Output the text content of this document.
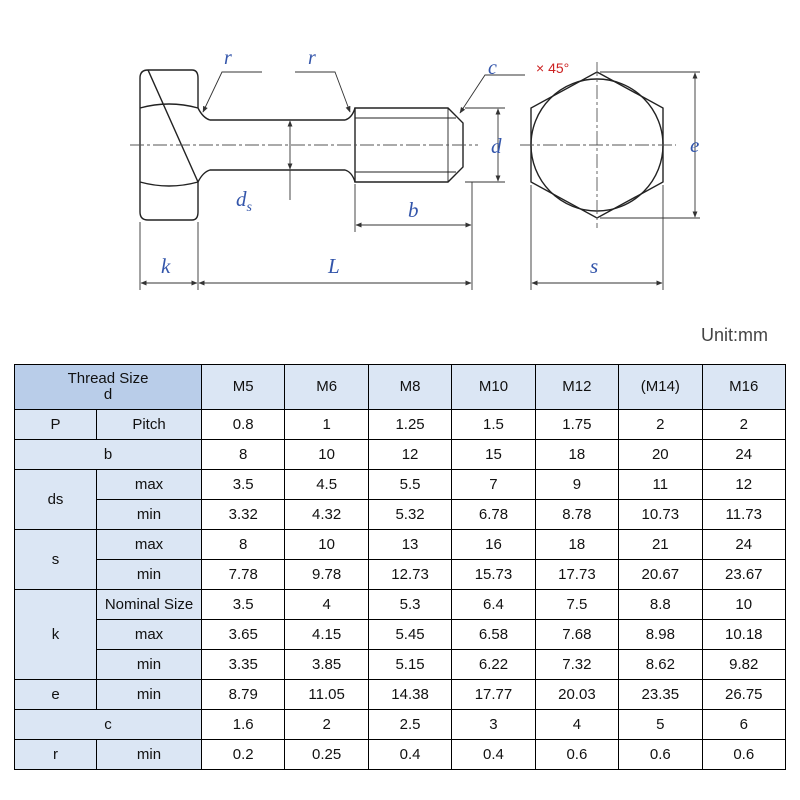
r	r	c	× 45°
d
$d_s$	b
k	L
e
s
Unit:mm
Thread Size
d		M5	M6	M8	M10	M12	(M14)	M16
P	Pitch	0.8	1	1.25	1.5	1.75	2	2
b		8	10	12	15	18	20	24
ds	max	3.5	4.5	5.5	7	9	11	12
	min	3.32	4.32	5.32	6.78	8.78	10.73	11.73
s	max	8	10	13	16	18	21	24
	min	7.78	9.78	12.73	15.73	17.73	20.67	23.67
k	Nominal Size	3.5	4	5.3	6.4	7.5	8.8	10
	max	3.65	4.15	5.45	6.58	7.68	8.98	10.18
	min	3.35	3.85	5.15	6.22	7.32	8.62	9.82
e	min	8.79	11.05	14.38	17.77	20.03	23.35	26.75
c		1.6	2	2.5	3	4	5	6
r	min	0.2	0.25	0.4	0.4	0.6	0.6	0.6
